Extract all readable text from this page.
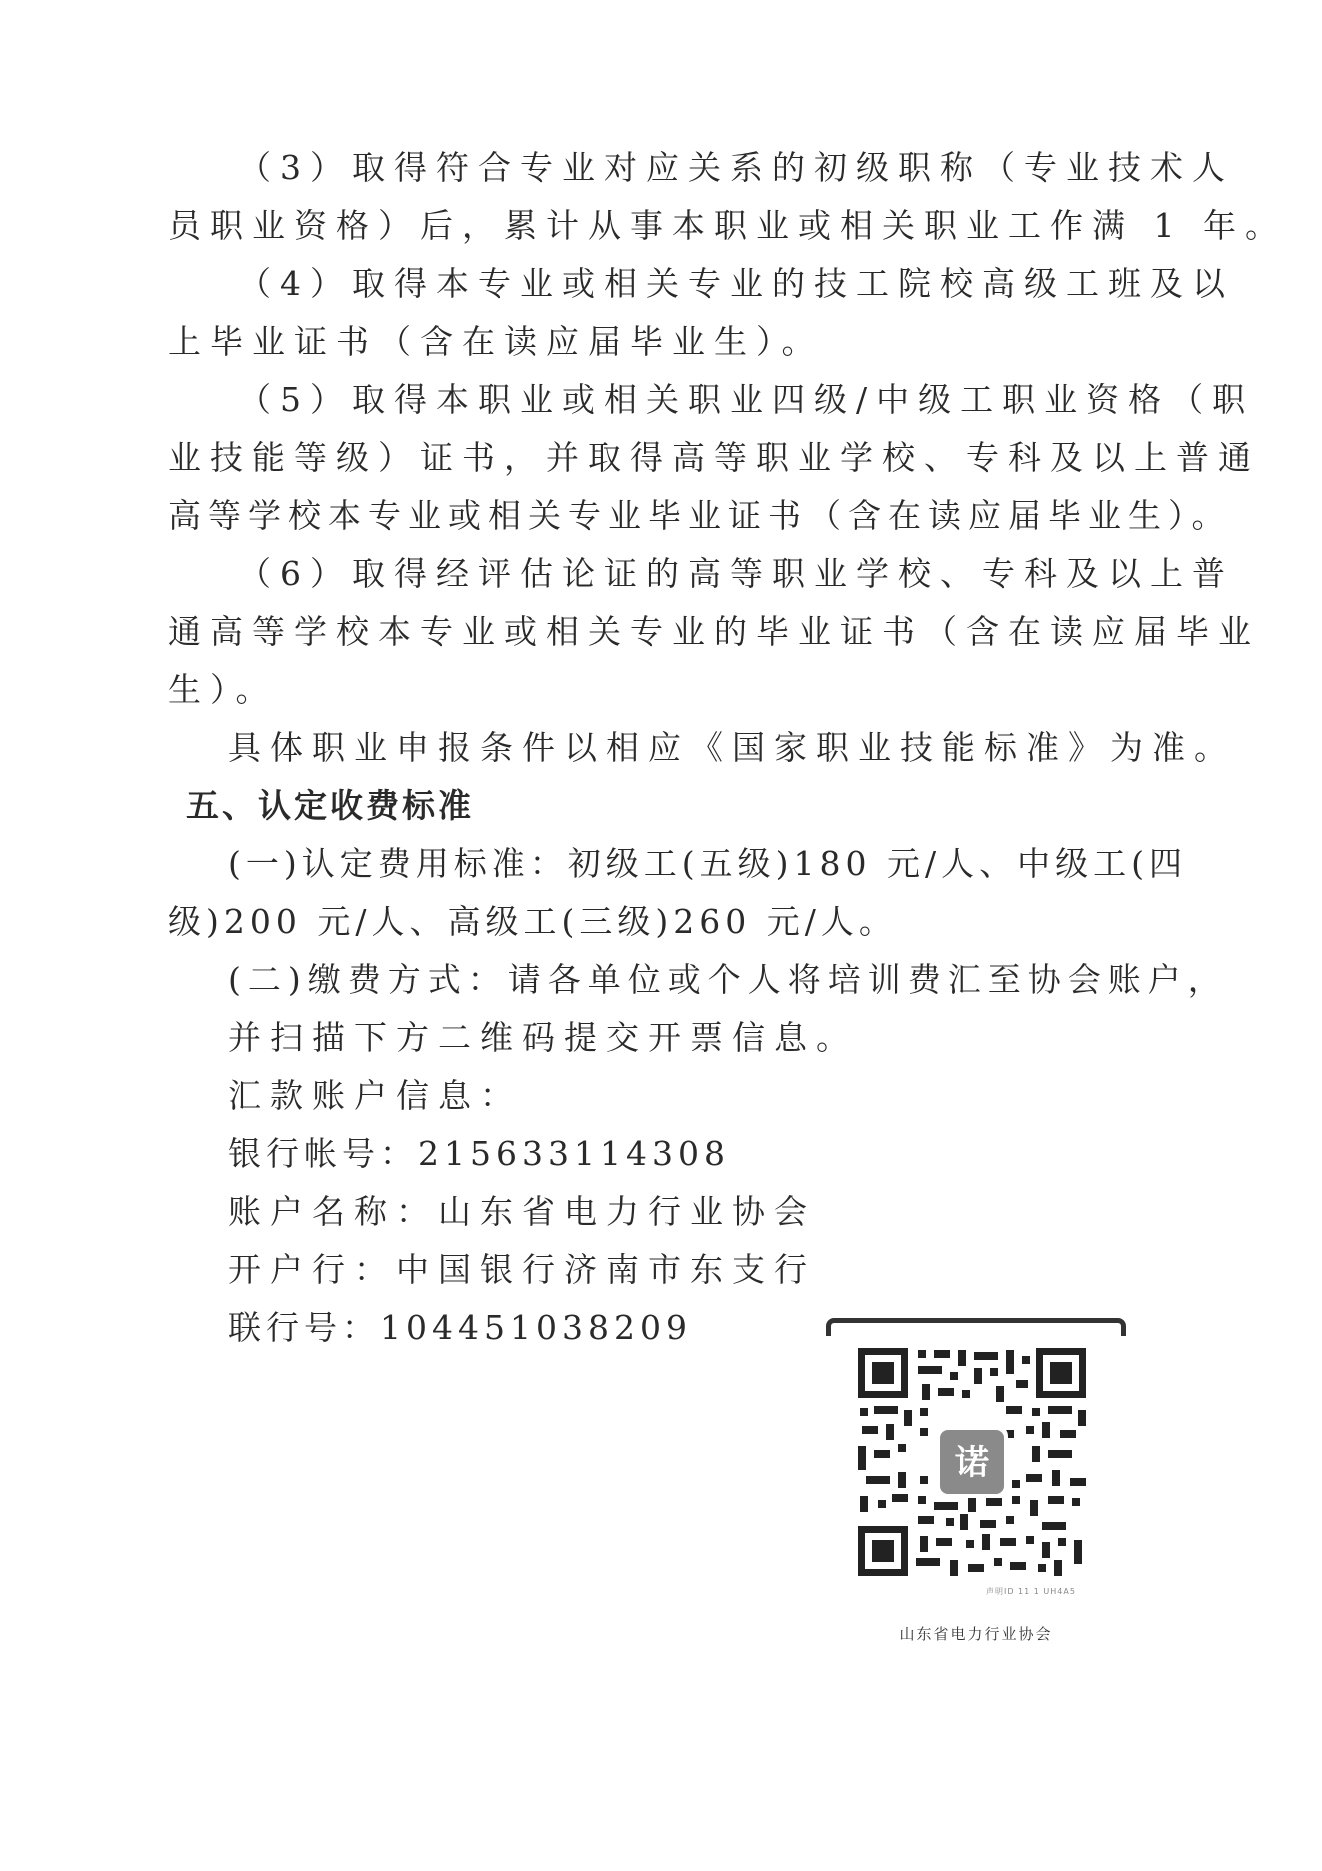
（3）取得符合专业对应关系的初级职称（专业技术人
员职业资格）后，累计从事本职业或相关职业工作满 1 年。
（4）取得本专业或相关专业的技工院校高级工班及以
上毕业证书（含在读应届毕业生）。
（5）取得本职业或相关职业四级/中级工职业资格（职
业技能等级）证书，并取得高等职业学校、专科及以上普通
高等学校本专业或相关专业毕业证书（含在读应届毕业生）。
（6）取得经评估论证的高等职业学校、专科及以上普
通高等学校本专业或相关专业的毕业证书（含在读应届毕业
生）。
具体职业申报条件以相应《国家职业技能标准》为准。
五、认定收费标准
(一)认定费用标准：初级工(五级)180 元/人、中级工(四
级)200 元/人、高级工(三级)260 元/人。
(二)缴费方式：请各单位或个人将培训费汇至协会账户，
并扫描下方二维码提交开票信息。
汇款账户信息：
银行帐号：215633114308
账户名称：山东省电力行业协会
开户行：中国银行济南市东支行
联行号：104451038209
诺
声明ID 11 1 UH4A5
山东省电力行业协会
